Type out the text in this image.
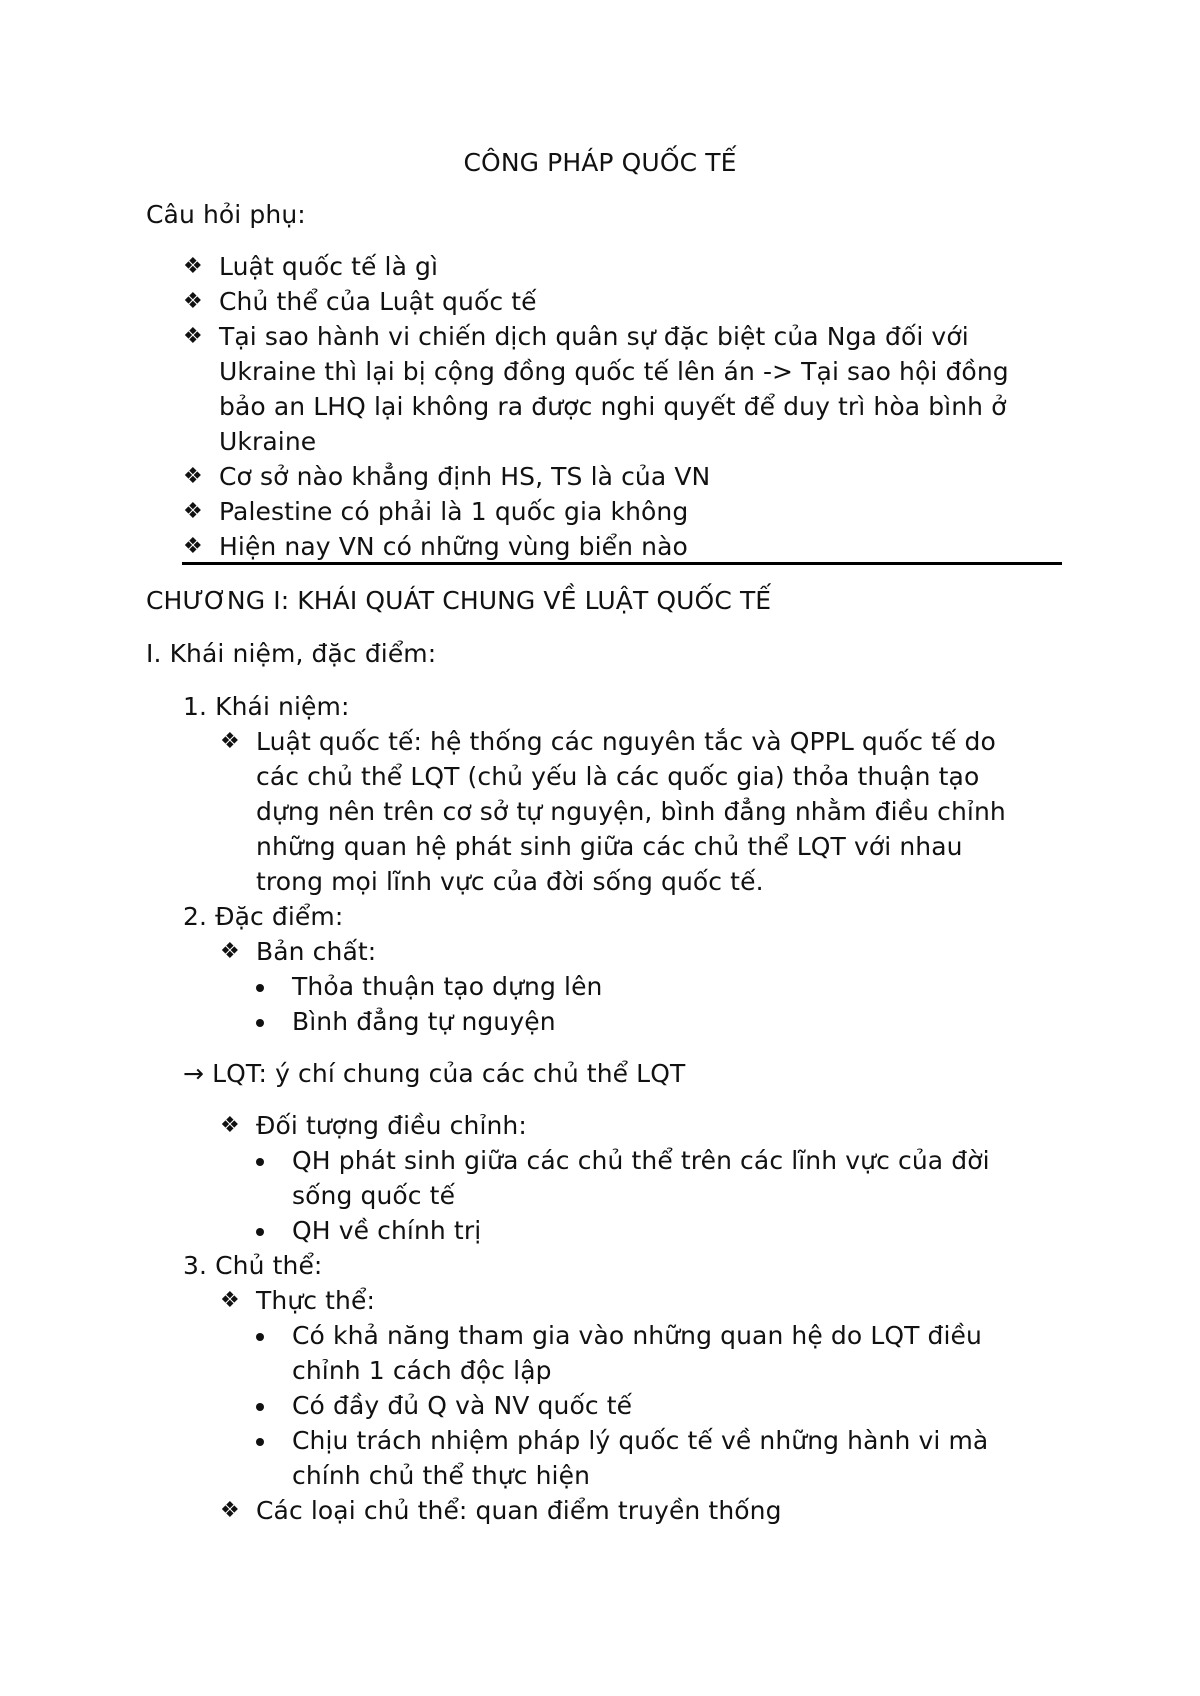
CÔNG PHÁP QUỐC TẾ
Câu hỏi phụ:
❖ Luật quốc tế là gì
❖ Chủ thể của Luật quốc tế
❖ Tại sao hành vi chiến dịch quân sự đặc biệt của Nga đối với
Ukraine thì lại bị cộng đồng quốc tế lên án -> Tại sao hội đồng
bảo an LHQ lại không ra được nghi quyết để duy trì hòa bình ở
Ukraine
❖ Cơ sở nào khẳng định HS, TS là của VN
❖ Palestine có phải là 1 quốc gia không
❖ Hiện nay VN có những vùng biển nào
CHƯƠNG I: KHÁI QUÁT CHUNG VỀ LUẬT QUỐC TẾ
I. Khái niệm, đặc điểm:
1. Khái niệm:
❖ Luật quốc tế: hệ thống các nguyên tắc và QPPL quốc tế do
các chủ thể LQT (chủ yếu là các quốc gia) thỏa thuận tạo
dựng nên trên cơ sở tự nguyện, bình đẳng nhằm điều chỉnh
những quan hệ phát sinh giữa các chủ thể LQT với nhau
trong mọi lĩnh vực của đời sống quốc tế.
2. Đặc điểm:
❖ Bản chất:
Thỏa thuận tạo dựng lên
Bình đẳng tự nguyện
→ LQT: ý chí chung của các chủ thể LQT
❖ Đối tượng điều chỉnh:
QH phát sinh giữa các chủ thể trên các lĩnh vực của đời
sống quốc tế
QH về chính trị
3. Chủ thể:
❖ Thực thể:
Có khả năng tham gia vào những quan hệ do LQT điều
chỉnh 1 cách độc lập
Có đầy đủ Q và NV quốc tế
Chịu trách nhiệm pháp lý quốc tế về những hành vi mà
chính chủ thể thực hiện
❖ Các loại chủ thể: quan điểm truyền thống
